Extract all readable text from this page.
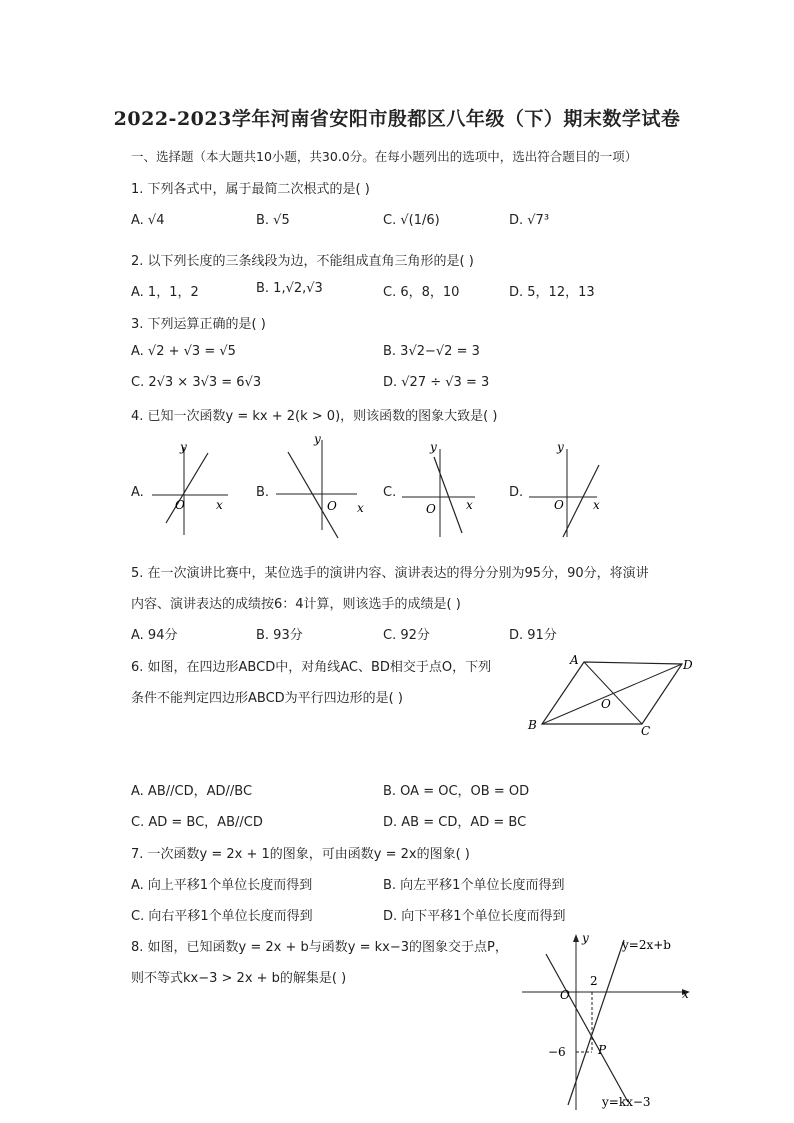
2022-2023学年河南省安阳市殷都区八年级（下）期末数学试卷
一、选择题（本大题共10小题，共30.0分。在每小题列出的选项中，选出符合题目的一项）
1. 下列各式中，属于最简二次根式的是( )
A. √4	B. √5	C. √(1/6)	D. √7³
2. 以下列长度的三条线段为边，不能组成直角三角形的是( )
A. 1，1，2	B. 1,√2,√3	C. 6，8，10	D. 5，12，13
3. 下列运算正确的是( )
A. √2 + √3 = √5	B. 3√2−√2 = 3
C. 2√3 × 3√3 = 6√3	D. √27 ÷ √3 = 3
4. 已知一次函数y = kx + 2(k > 0)，则该函数的图象大致是( )
A.	B.	C.	D.
y
x
O
y
x
O
y
x
O
y
x
O
5. 在一次演讲比赛中，某位选手的演讲内容、演讲表达的得分分别为95分，90分，将演讲
内容、演讲表达的成绩按6：4计算，则该选手的成绩是( )
A. 94分	B. 93分	C. 92分	D. 91分
6. 如图，在四边形ABCD中，对角线AC、BD相交于点O，下列
条件不能判定四边形ABCD为平行四边形的是( )
A	D
B	C
O
A. AB//CD，AD//BC	B. OA = OC，OB = OD
C. AD = BC，AB//CD	D. AB = CD，AD = BC
7. 一次函数y = 2x + 1的图象，可由函数y = 2x的图象( )
A. 向上平移1个单位长度而得到	B. 向左平移1个单位长度而得到
C. 向右平移1个单位长度而得到	D. 向下平移1个单位长度而得到
8. 如图，已知函数y = 2x + b与函数y = kx−3的图象交于点P，
则不等式kx−3 > 2x + b的解集是( )
y
x
O
y=2x+b
y=kx−3
2
−6	P
